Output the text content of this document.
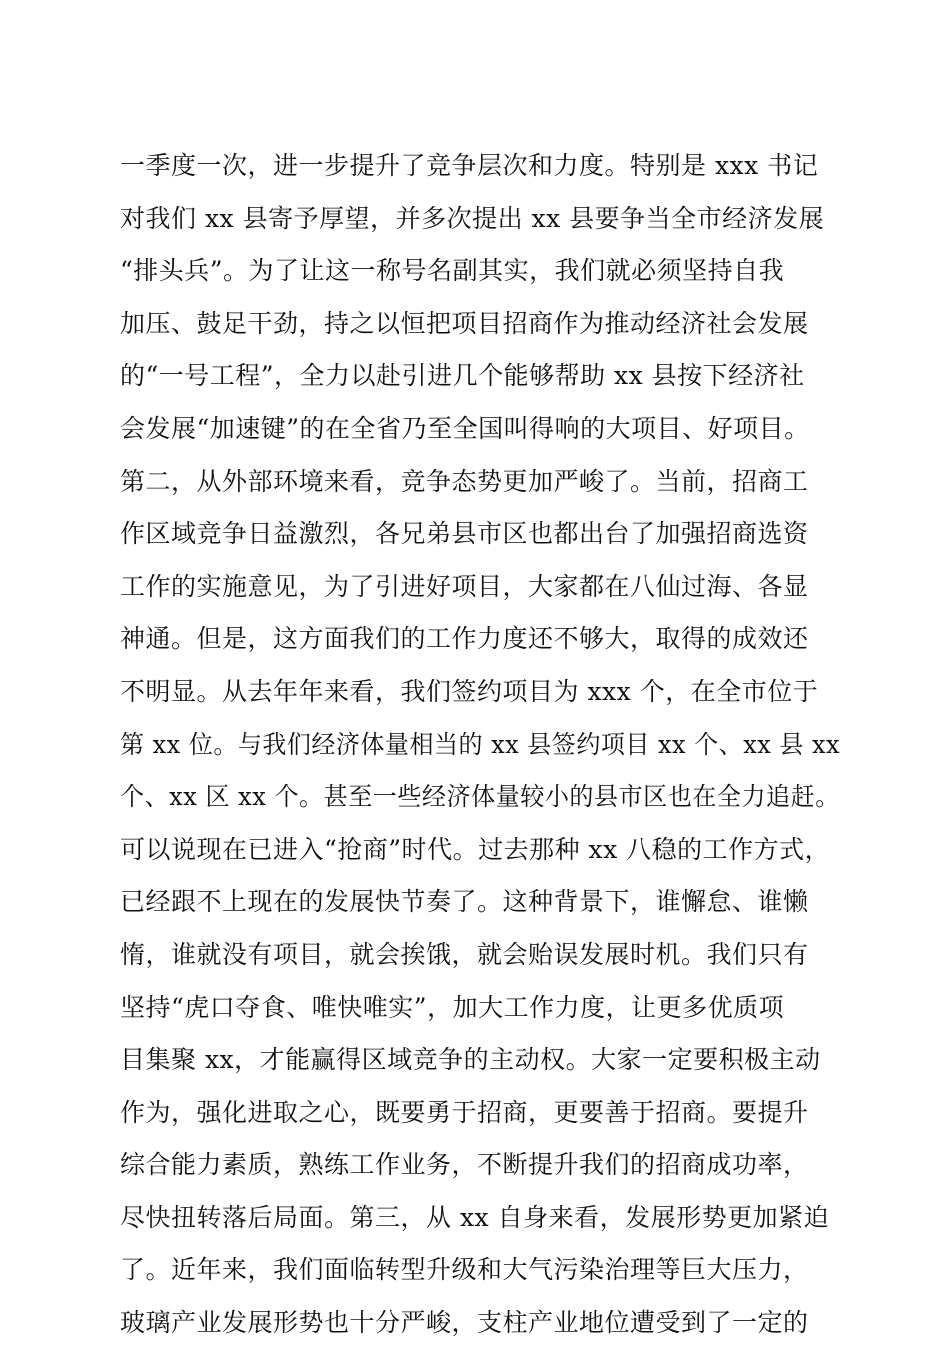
一季度一次，进一步提升了竞争层次和力度。特别是 xxx 书记
对我们 xx 县寄予厚望，并多次提出 xx 县要争当全市经济发展
“排头兵”。为了让这一称号名副其实，我们就必须坚持自我
加压、鼓足干劲，持之以恒把项目招商作为推动经济社会发展
的“一号工程”，全力以赴引进几个能够帮助 xx 县按下经济社
会发展“加速键”的在全省乃至全国叫得响的大项目、好项目。
第二，从外部环境来看，竞争态势更加严峻了。当前，招商工
作区域竞争日益激烈，各兄弟县市区也都出台了加强招商选资
工作的实施意见，为了引进好项目，大家都在八仙过海、各显
神通。但是，这方面我们的工作力度还不够大，取得的成效还
不明显。从去年年来看，我们签约项目为 xxx 个，在全市位于
第 xx 位。与我们经济体量相当的 xx 县签约项目 xx 个、xx 县 xx
个、xx 区 xx 个。甚至一些经济体量较小的县市区也在全力追赶。
可以说现在已进入“抢商”时代。过去那种 xx 八稳的工作方式，
已经跟不上现在的发展快节奏了。这种背景下，谁懈怠、谁懒
惰，谁就没有项目，就会挨饿，就会贻误发展时机。我们只有
坚持“虎口夺食、唯快唯实”，加大工作力度，让更多优质项
目集聚 xx，才能赢得区域竞争的主动权。大家一定要积极主动
作为，强化进取之心，既要勇于招商，更要善于招商。要提升
综合能力素质，熟练工作业务，不断提升我们的招商成功率，
尽快扭转落后局面。第三，从 xx 自身来看，发展形势更加紧迫
了。近年来，我们面临转型升级和大气污染治理等巨大压力，
玻璃产业发展形势也十分严峻，支柱产业地位遭受到了一定的
